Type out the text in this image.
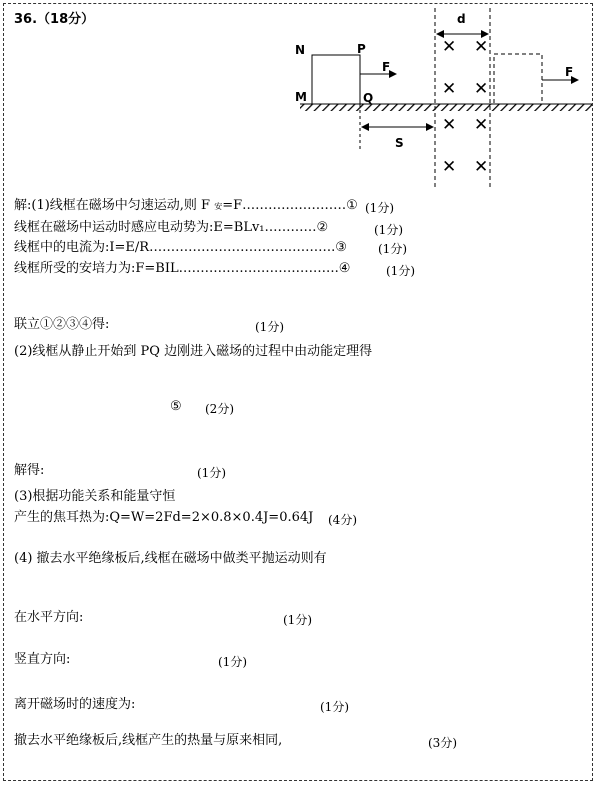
36.（18分）
✕ ✕
✕ ✕
✕ ✕
✕ ✕
N	P
M	Q
F	F
d
S
解:(1)线框在磁场中匀速运动,则 F 安=F……………………① (1分)
线框在磁场中运动时感应电动势为:E=BLv₁…………②	(1分)
线框中的电流为:I=E/R…………………………………….③	(1分)
线框所受的安培力为:F=BIL……………………………….④	(1分)
联立①②③④得:	(1分)
(2)线框从静止开始到 PQ 边刚进入磁场的过程中由动能定理得
⑤ (2分)
解得:	(1分)
(3)根据功能关系和能量守恒
产生的焦耳热为:Q=W=2Fd=2×0.8×0.4J=0.64J (4分)
(4) 撤去水平绝缘板后,线框在磁场中做类平抛运动则有
在水平方向:	(1分)
竖直方向:	(1分)
离开磁场时的速度为:	(1分)
撤去水平绝缘板后,线框产生的热量与原来相同,	(3分)
